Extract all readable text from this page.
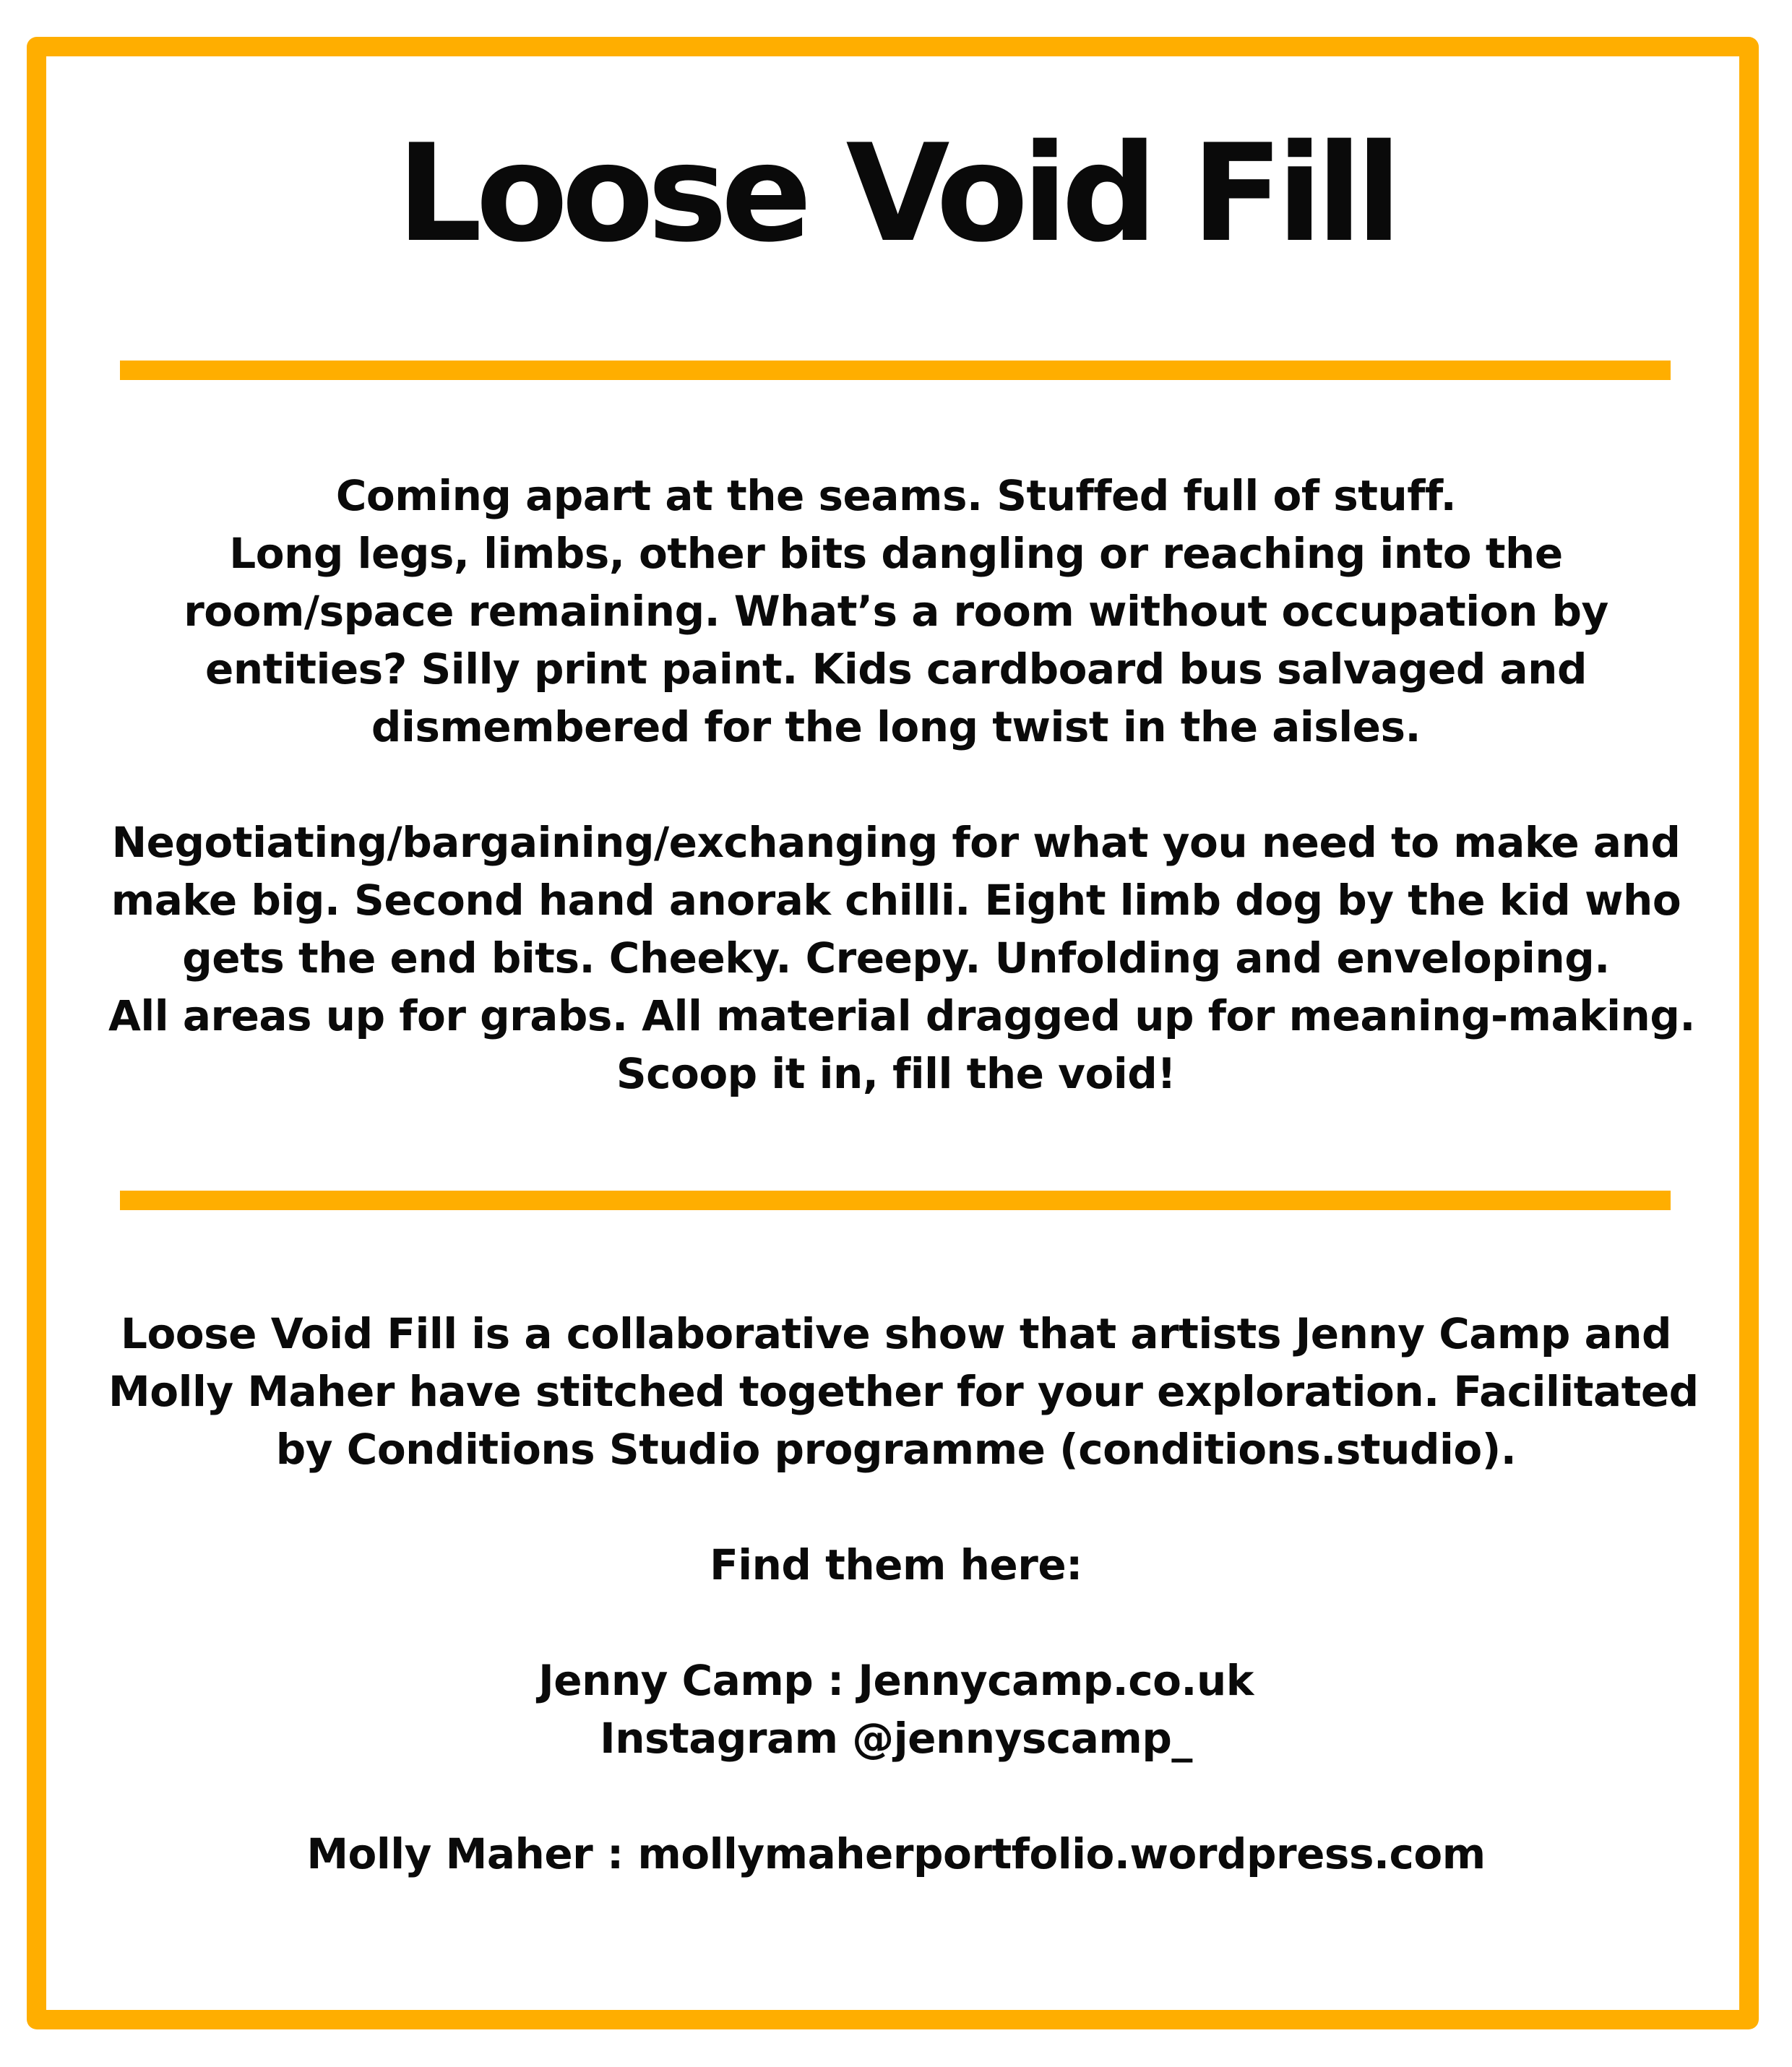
Loose Void Fill

Coming apart at the seams. Stuffed full of stuff.
Long legs, limbs, other bits dangling or reaching into the
room/space remaining. What’s a room without occupation by
entities? Silly print paint. Kids cardboard bus salvaged and
dismembered for the long twist in the aisles.

Negotiating/bargaining/exchanging for what you need to make and
make big. Second hand anorak chilli. Eight limb dog by the kid who
gets the end bits. Cheeky. Creepy. Unfolding and enveloping.
All areas up for grabs. All material dragged up for meaning-making.
Scoop it in, fill the void!

Loose Void Fill is a collaborative show that artists Jenny Camp and
Molly Maher have stitched together for your exploration. Facilitated
by Conditions Studio programme (conditions.studio).

Find them here:

Jenny Camp : Jennycamp.co.uk
Instagram @jennyscamp_

Molly Maher : mollymaherportfolio.wordpress.com
